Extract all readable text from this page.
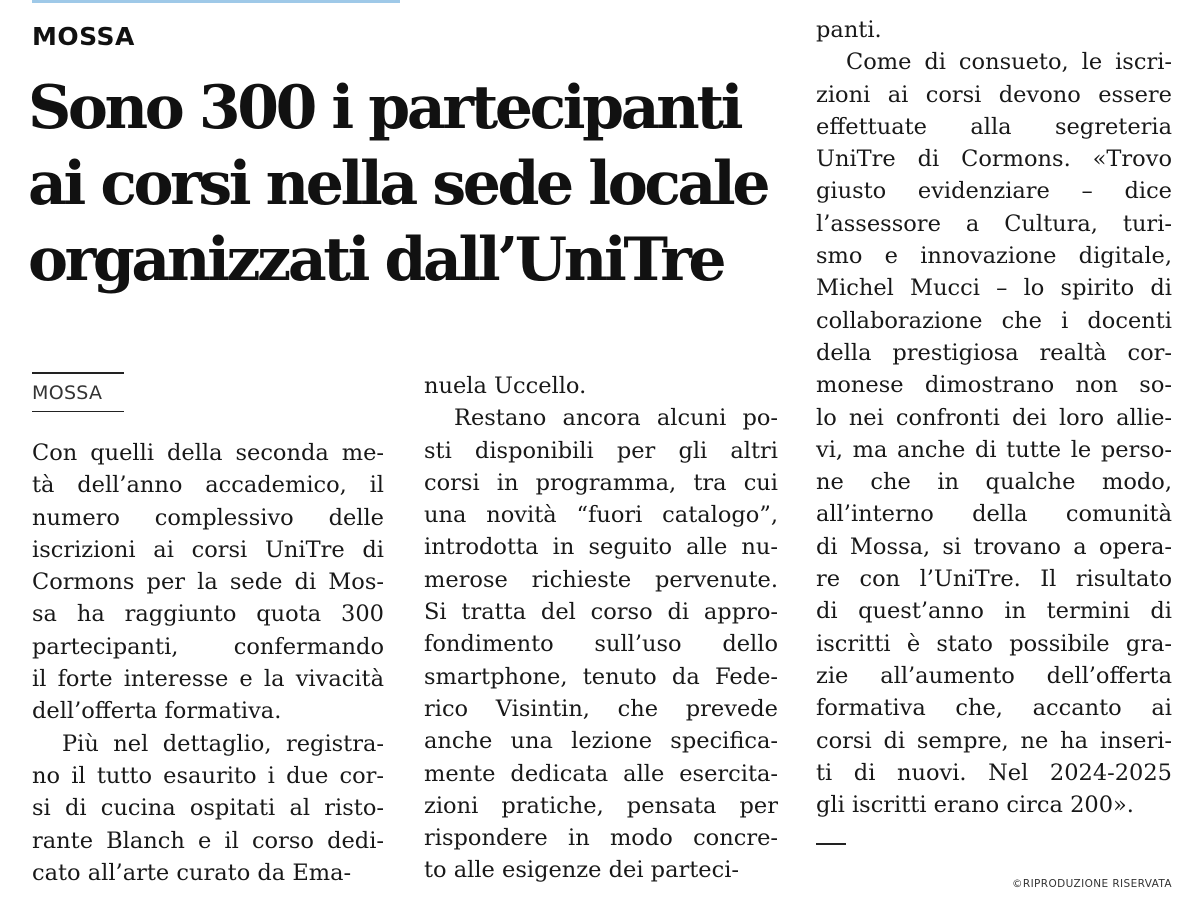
MOSSA
Sono 300 i partecipanti
ai corsi nella sede locale
organizzati dall’UniTre
MOSSA

Con quelli della seconda me-
tà dell’anno accademico, il
numero complessivo delle
iscrizioni ai corsi UniTre di
Cormons per la sede di Mos-
sa ha raggiunto quota 300
partecipanti, confermando
il forte interesse e la vivacità
dell’offerta formativa.

Più nel dettaglio, registra-
no il tutto esaurito i due cor-
si di cucina ospitati al risto-
rante Blanch e il corso dedi-
cato all’arte curato da Ema-

nuela Uccello.

Restano ancora alcuni po-
sti disponibili per gli altri
corsi in programma, tra cui
una novità “fuori catalogo”,
introdotta in seguito alle nu-
merose richieste pervenute.
Si tratta del corso di appro-
fondimento sull’uso dello
smartphone, tenuto da Fede-
rico Visintin, che prevede
anche una lezione specifica-
mente dedicata alle esercita-
zioni pratiche, pensata per
rispondere in modo concre-
to alle esigenze dei parteci-

panti.

Come di consueto, le iscri-
zioni ai corsi devono essere
effettuate alla segreteria
UniTre di Cormons. «Trovo
giusto evidenziare – dice
l’assessore a Cultura, turi-
smo e innovazione digitale,
Michel Mucci – lo spirito di
collaborazione che i docenti
della prestigiosa realtà cor-
monese dimostrano non so-
lo nei confronti dei loro allie-
vi, ma anche di tutte le perso-
ne che in qualche modo,
all’interno della comunità
di Mossa, si trovano a opera-
re con l’UniTre. Il risultato
di quest’anno in termini di
iscritti è stato possibile gra-
zie all’aumento dell’offerta
formativa che, accanto ai
corsi di sempre, ne ha inseri-
ti di nuovi. Nel 2024-2025
gli iscritti erano circa 200».

©RIPRODUZIONE RISERVATA
